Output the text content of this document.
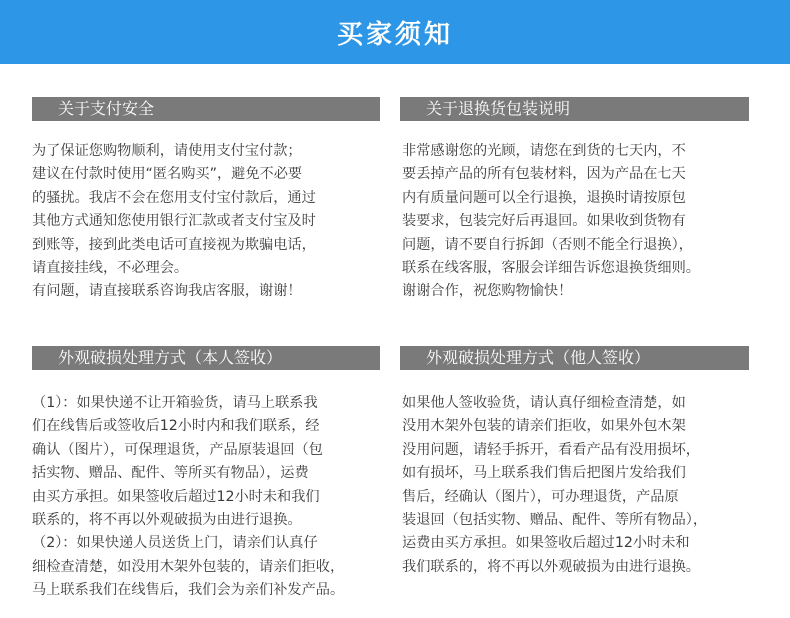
买家须知
关于支付安全
为了保证您购物顺利，请使用支付宝付款；
建议在付款时使用“匿名购买”，避免不必要
的骚扰。我店不会在您用支付宝付款后，通过
其他方式通知您使用银行汇款或者支付宝及时
到账等，接到此类电话可直接视为欺骗电话，
请直接挂线，不必理会。
有问题，请直接联系咨询我店客服，谢谢！
关于退换货包装说明
非常感谢您的光顾，请您在到货的七天内，不
要丢掉产品的所有包装材料，因为产品在七天
内有质量问题可以全行退换，退换时请按原包
装要求，包装完好后再退回。如果收到货物有
问题，请不要自行拆卸（否则不能全行退换），
联系在线客服，客服会详细告诉您退换货细则。
谢谢合作，祝您购物愉快！
外观破损处理方式（本人签收）
（1）：如果快递不让开箱验货，请马上联系我
们在线售后或签收后12小时内和我们联系，经
确认（图片），可保理退货，产品原装退回（包
括实物、赠品、配件、等所买有物品），运费
由买方承担。如果签收后超过12小时未和我们
联系的，将不再以外观破损为由进行退换。
（2）：如果快递人员送货上门，请亲们认真仔
细检查清楚，如没用木架外包装的，请亲们拒收，
马上联系我们在线售后，我们会为亲们补发产品。
外观破损处理方式（他人签收）
如果他人签收验货，请认真仔细检查清楚，如
没用木架外包装的请亲们拒收，如果外包木架
没用问题，请轻手拆开，看看产品有没用损坏，
如有损坏，马上联系我们售后把图片发给我们
售后，经确认（图片），可办理退货，产品原
装退回（包括实物、赠品、配件、等所有物品），
运费由买方承担。如果签收后超过12小时未和
我们联系的，将不再以外观破损为由进行退换。
